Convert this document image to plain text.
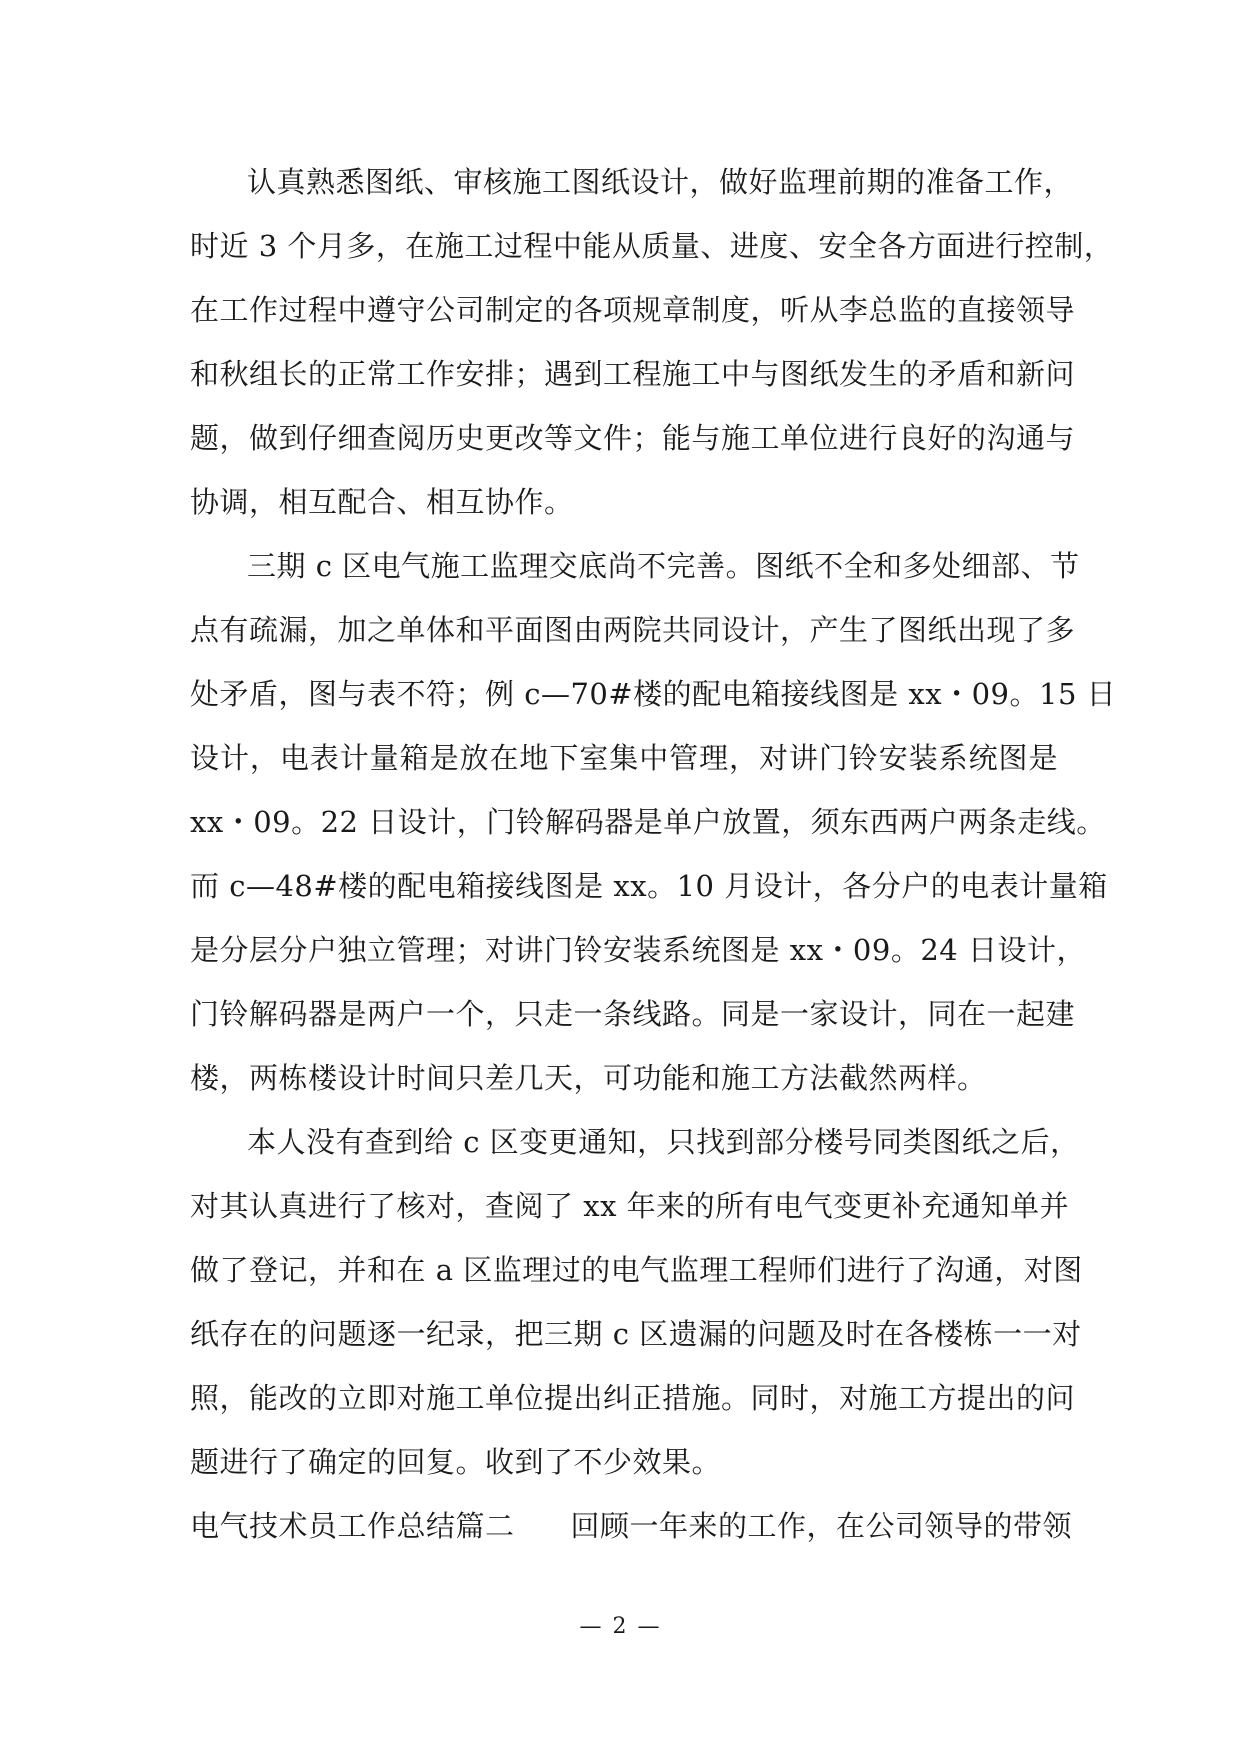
认真熟悉图纸、审核施工图纸设计，做好监理前期的准备工作，
时近 3 个月多，在施工过程中能从质量、进度、安全各方面进行控制，
在工作过程中遵守公司制定的各项规章制度，听从李总监的直接领导
和秋组长的正常工作安排；遇到工程施工中与图纸发生的矛盾和新问
题，做到仔细查阅历史更改等文件；能与施工单位进行良好的沟通与
协调，相互配合、相互协作。
三期 c 区电气施工监理交底尚不完善。图纸不全和多处细部、节
点有疏漏，加之单体和平面图由两院共同设计，产生了图纸出现了多
处矛盾，图与表不符；例 c—70#楼的配电箱接线图是 xx・09。15 日
设计，电表计量箱是放在地下室集中管理，对讲门铃安装系统图是
xx・09。22 日设计，门铃解码器是单户放置，须东西两户两条走线。
而 c—48#楼的配电箱接线图是 xx。10 月设计，各分户的电表计量箱
是分层分户独立管理；对讲门铃安装系统图是 xx・09。24 日设计，
门铃解码器是两户一个，只走一条线路。同是一家设计，同在一起建
楼，两栋楼设计时间只差几天，可功能和施工方法截然两样。
本人没有查到给 c 区变更通知，只找到部分楼号同类图纸之后，
对其认真进行了核对，查阅了 xx 年来的所有电气变更补充通知单并
做了登记，并和在 a 区监理过的电气监理工程师们进行了沟通，对图
纸存在的问题逐一纪录，把三期 c 区遗漏的问题及时在各楼栋一一对
照，能改的立即对施工单位提出纠正措施。同时，对施工方提出的问
题进行了确定的回复。收到了不少效果。
电气技术员工作总结篇二 回顾一年来的工作，在公司领导的带领
— 2 —
